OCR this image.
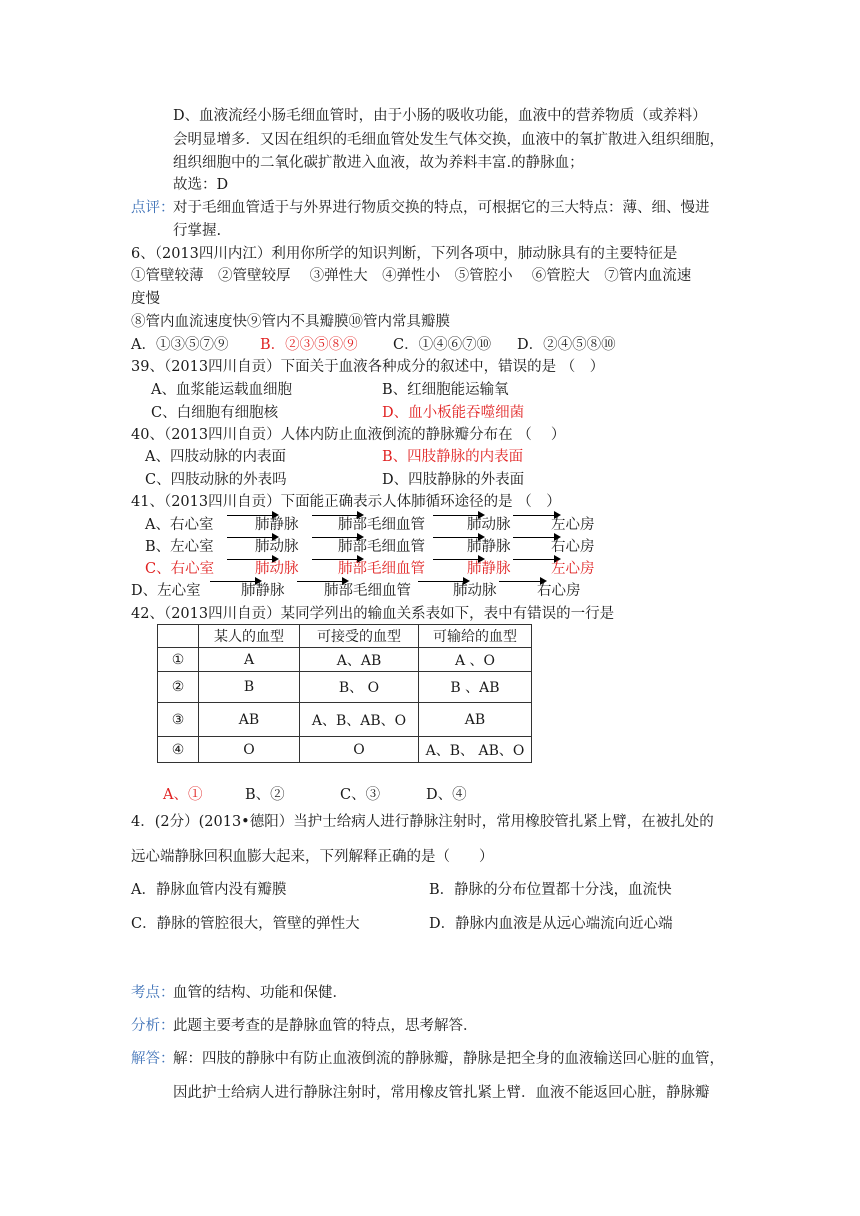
D、血液流经小肠毛细血管时，由于小肠的吸收功能，血液中的营养物质（或养料）
会明显增多．又因在组织的毛细血管处发生气体交换，血液中的氧扩散进入组织细胞，
组织细胞中的二氧化碳扩散进入血液，故为养料丰富.的静脉血；
故选：D
点评：
对于毛细血管适于与外界进行物质交换的特点，可根据它的三大特点：薄、细、慢进
行掌握.
6、（2013四川内江）利用你所学的知识判断，下列各项中，肺动脉具有的主要特征是
①管壁较薄　②管壁较厚　 ③弹性大　④弹性小　⑤管腔小　 ⑥管腔大　⑦管内血流速
度慢
⑧管内血流速度快⑨管内不具瓣膜⑩管内常具瓣膜
A．①③⑤⑦⑨ B．②③⑤⑧⑨ C．①④⑥⑦⑩ D．②④⑤⑧⑩
39、（2013四川自贡）下面关于血液各种成分的叙述中，错误的是 （　）
A、血浆能运载血细胞	B、红细胞能运输氧
C、白细胞有细胞核	D、血小板能吞噬细菌
40、（2013四川自贡）人体内防止血液倒流的静脉瓣分布在 （　 ）
A、四肢动脉的内表面	B、四肢静脉的内表面
C、四肢动脉的外表吗	D、四肢静脉的外表面
41、（2013四川自贡）下面能正确表示人体肺循环途径的是 （　）
A、右心室	肺静脉	肺部毛细血管	肺动脉	左心房
B、左心室	肺动脉	肺部毛细血管	肺静脉	右心房
C、右心室	肺动脉	肺部毛细血管	肺静脉	左心房
D、左心室	肺静脉	肺部毛细血管	肺动脉	右心房
42、（2013四川自贡）某同学列出的输血关系表如下，表中有错误的一行是
	某人的血型	可接受的血型	可输给的血型
①	A	A、AB	A 、O
②	B	B、 O	B 、AB
③	AB	A、B、AB、O	AB
④	O	O	A、B、 AB、O
A、①	B、②	C、③	D、④
4．(2分）(2013•德阳）当护士给病人进行静脉注射时，常用橡胶管扎紧上臂，在被扎处的
远心端静脉回积血膨大起来，下列解释正确的是（　　）
A．静脉血管内没有瓣膜	B．静脉的分布位置都十分浅，血流快
C．静脉的管腔很大，管壁的弹性大	D．静脉内血液是从远心端流向近心端
考点：
血管的结构、功能和保健．
分析：
此题主要考查的是静脉血管的特点，思考解答．
解答：
解：四肢的静脉中有防止血液倒流的静脉瓣，静脉是把全身的血液输送回心脏的血管，
因此护士给病人进行静脉注射时，常用橡皮管扎紧上臂．血液不能返回心脏，静脉瓣
